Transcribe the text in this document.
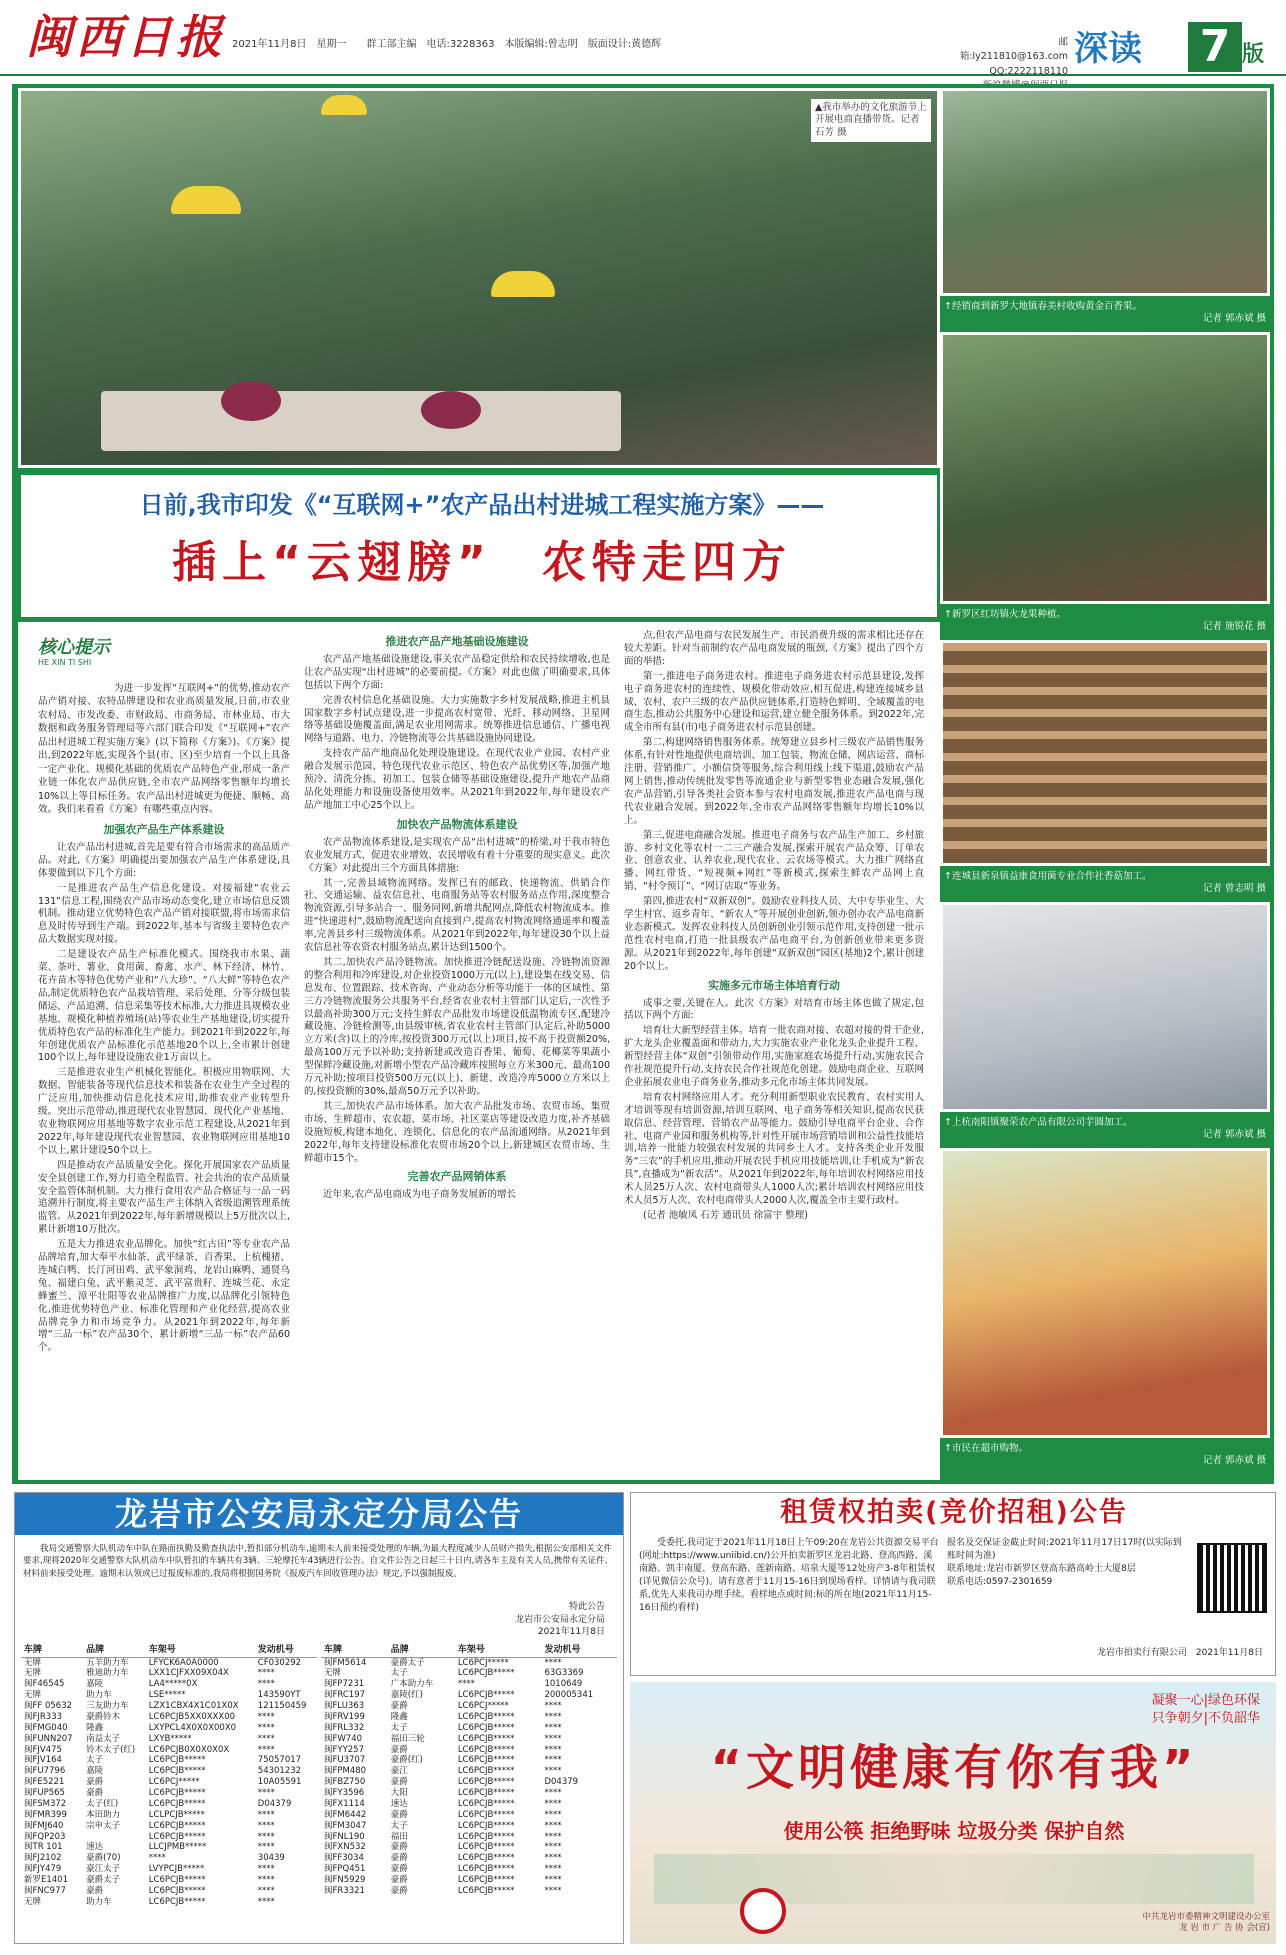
闽西日报 2021年11月8日　星期一　　群工部主编　电话:3228363　本版编辑:曾志明　版面设计:黄德辉	邮箱:ly211810@163.com
QQ:2222118110
深读 7 版
▲我市举办的文化旅游节上开展电商直播带货。记者 石芳 摄
日前,我市印发《“互联网+”农产品出村进城工程实施方案》——
插上“云翅膀”　农特走四方
↑经销商到新罗大地镇春美村收购黄金百香果。
记者 郭赤斌 摄
↑新罗区红坊镇火龙果种植。
记者 施锐花 摄
↑连城县新泉镇益康食用菌专业合作社香菇加工。
记者 曾志明 摄
↑上杭南阳镇聚荣农产品有限公司芋圆加工。
记者 郭赤斌 摄
↑市民在超市购物。
记者 郭赤斌 摄
核心提示
HE XIN TI SHI

为进一步发挥“互联网+”的优势,推动农产品产销对接、农特品牌建设和农业高质量发展,日前,市农业农村局、市发改委、市财政局、市商务局、市林业局、市大数据和政务服务管理局等六部门联合印发《“互联网+”农产品出村进城工程实施方案》(以下简称《方案》)。《方案》提出,到2022年底,实现各个县(市、区)至少培育一个以上具备一定产业化、规模化基础的优质农产品特色产业,形成一条产业链一体化农产品供应链,全市农产品网络零售额年均增长10%以上等目标任务。农产品出村进城更为便捷、顺畅、高效。我们来看看《方案》有哪些重点内容。

加强农产品生产体系建设

让农产品出村进城,首先是要有符合市场需求的高品质产品。对此,《方案》明确提出要加强农产品生产体系建设,具体要做到以下几个方面:

一是推进农产品生产信息化建设。对接福建“农业云131”信息工程,围绕农产品市场动态变化,建立市场信息反馈机制。推动建立优势特色农产品产销对接联盟,将市场需求信息及时传导到生产端。到2022年,基本与省级主要特色农产品大数据实现对接。

二是建设农产品生产标准化模式。围绕我市水果、蔬菜、茶叶、薯业、食用菌、畜禽、水产、林下经济、林竹、花卉苗木等特色优势产业和“八大珍”、“八大鲜”等特色农产品,制定优质特色农产品栽培管理、采后处理、分等分级包装储运、产品追溯、信息采集等技术标准,大力推进具规模农业基地、规模化种植养殖场(站)等农业生产基地建设,切实提升优质特色农产品的标准化生产能力。到2021年到2022年,每年创建优质农产品标准化示范基地20个以上,全市累计创建100个以上,每年建设设施农业1万亩以上。

三是推进农业生产机械化智能化。积极应用物联网、大数据、智能装备等现代信息技术和装备在农业生产全过程的广泛应用,加快推动信息化技术应用,助推农业产业转型升级。突出示范带动,推进现代农业智慧园、现代化产业基地、农业物联网应用基地等数字农业示范工程建设,从2021年到2022年,每年建设现代农业智慧园、农业物联网应用基地10个以上,累计建设50个以上。

四是推动农产品质量安全化。探化开展国家农产品质量安全县创建工作,努力打造全程监管、社会共治的农产品质量安全监管体制机制。大力推行食用农产品合格证与一品一码追溯并行制度,将主要农产品生产主体纳入省级追溯管理系统监管。从2021年到2022年,每年新增规模以上5万批次以上,累计新增10万批次。

五是大力推进农业品牌化。加快“红古田”等专业农产品品牌培育,加大奉平水仙茶、武平绿茶、百香果、上杭槐猪、连城白鸭、长汀河田鸡、武平象洞鸡、龙岩山麻鸭、通贤乌兔、福建白兔、武平紫灵芝、武平富贵籽、连城兰花、永定蜂蜜兰、漳平壮阳等农业品牌推广力度,以品牌化引领特色化,推进优势特色产业、标准化管理和产业化经营,提高农业品牌竞争力和市场竞争力。从2021年到2022年,每年新增“三品一标”农产品30个、累计新增“三品一标”农产品60个。

推进农产品产地基础设施建设

农产品产地基础设施建设,事关农产品稳定供给和农民持续增收,也是让农产品实现“出村进城”的必要前提。《方案》对此也做了明确要求,具体包括以下两个方面:

完善农村信息化基础设施。大力实施数字乡村发展战略,推进主机县国家数字乡村试点建设,进一步提高农村宽带、光纤、移动网络、卫星网络等基础设施覆盖面,满足农业用网需求。统筹推进信息通信、广播电视网络与道路、电力、冷链物流等公共基础设施协同建设。

支持农产品产地商品化处理设施建设。在现代农业产业园、农村产业融合发展示范园、特色现代农业示范区、特色农产品优势区等,加强产地预冷、清洗分拣、初加工、包装仓储等基础设施建设,提升产地农产品商品化处理能力和设施设备使用效率。从2021年到2022年,每年建设农产品产地加工中心25个以上。

加快农产品物流体系建设

农产品物流体系建设,是实现农产品“出村进城”的桥梁,对于我市特色农业发展方式、促进农业增效、农民增收有着十分重要的现实意义。此次《方案》对此提出三个方面具体措施:

其一,完善县域物流网络。发挥已有的邮政、快递物流、供销合作社、交通运输、益农信息社、电商服务站等农村服务站点作用,深度整合物流资源,引导多站合一、服务同网,新增共配网点,降低农村物流成本。推进“快递进村”,鼓励物流配送向直接到户,提高农村物流网络通遥率和覆盖率,完善县乡村三级物流体系。从2021年到2022年,每年建设30个以上益农信息社等农资农村服务站点,累计达到1500个。

其二,加快农产品冷链物流。加快推进冷链配送设施、冷链物流资源的整合利用和冷库建设,对企业投资1000万元(以上),建设集在线交易、信息发布、位置跟踪、技术咨询、产业动态分析等功能于一体的区域性、第三方冷链物流服务公共服务平台,经省农业农村主管部门认定后,一次性予以最高补助300万元;支持生鲜农产品批发市场建设低温物流专区,配建冷藏设施、冷链检测等,由县级审核,省农业农村主管部门认定后,补助5000立方米(含)以上的冷库,按投资300万元(以上)项目,按不高于投资额20%,最高100万元予以补助;支持新建或改造百香果、葡萄、花椰菜等果蔬小型保鲜冷藏设施,对新增小型农产品冷藏库按照每立方米300元、最高100万元补助;按项目投资500万元(以上)、新建、改造冷库5000立方米以上的,按投资额的30%,最高50万元予以补助。

其三,加快农产品市场体系。加大农产品批发市场、农贸市场、集贸市场、生鲜超市、农农超、菜市场、社区菜店等建设改造力度,补齐基础设施短板,构建本地化、连锁化、信息化的农产品流通网络。从2021年到2022年,每年支持建设标准化农贸市场20个以上,新建城区农贸市场、生鲜超市15个。

完善农产品网销体系

近年来,农产品电商成为电子商务发展新的增长

点,但农产品电商与农民发展生产、市民消费升级的需求相比还存在较大差距。针对当前制约农产品电商发展的瓶颈,《方案》提出了四个方面的举措:

第一,推进电子商务进农村。推进电子商务进农村示范县建设,发挥电子商务进农村的连续性、规模化带动效应,相互促进,构建连接城乡县域、农村、农户三级的农产品供应链体系,打造特色鲜明、全域覆盖的电商生态,推动公共服务中心建设和运营,建立健全服务体系。到2022年,完成全市所有县(市)电子商务进农村示范县创建。

第二,构建网络销售服务体系。统筹建立县乡村三级农产品销售服务体系,有针对性地提供电商培训、加工包装、物流仓储、网店运营、商标注册、营销推广、小额信贷等服务,综合利用线上线下渠道,鼓励农产品网上销售,推动传统批发零售等流通企业与新型零售业态融合发展,强化农产品营销,引导各类社会资本参与农村电商发展,推进农产品电商与现代农业融合发展。到2022年,全市农产品网络零售额年均增长10%以上。

第三,促进电商融合发展。推进电子商务与农产品生产加工、乡村旅游、乡村文化等农村一二三产融合发展,探索开展农产品众筹、订单农业、创意农业、认养农业,现代农业、云农场等模式。大力推广网络直播、网红带货、“短视频+网红”等新模式,探索生鲜农产品网上直销、“村令预订”、“网订店取”等业务。

第四,推进农村“双新双创”。鼓励农业科技人员、大中专毕业生、大学生村官、返乡青年、“新农人”等开展创业创新,领办创办农产品电商新业态新模式。发挥农业科技人员创新创业引领示范作用,支持创建一批示范性农村电商,打造一批县级农产品电商平台,为创新创业带来更多资源。从2021年到2022年,每年创建“双新双创”园区(基地)2个,累计创建20个以上。

实施多元市场主体培育行动

成事之要,关键在人。此次《方案》对培育市场主体也做了规定,包括以下两个方面:

培育壮大新型经营主体。培育一批农商对接、农超对接的骨干企业,扩大龙头企业覆盖面和带动力,大力实施农业产业化龙头企业提升工程、新型经营主体“双创”引领带动作用,实施家庭农场提升行动,实施农民合作社规范提升行动,支持农民合作社规范化创建。鼓励电商企业、互联网企业拓展农业电子商务业务,推动多元化市场主体共同发展。

培育农村网络应用人才。充分利用新型职业农民教育、农村实用人才培训等现有培训资源,培训互联网、电子商务等相关知识,提高农民获取信息、经营管理、营销农产品等能力。鼓励引导电商平台企业、合作社、电商产业园和服务机构等,针对性开展市场营销培训和公益性技能培训,培养一批能力较强农村发展的共同乡土人才。支持各类企业开发服务“三农”的手机应用,推动开展农民手机应用技能培训,让手机成为“新农具”,直播成为“新农活”。从2021年到2022年,每年培训农村网络应用技术人员25万人次、农村电商带头人1000人次;累计培训农村网络应用技术人员5万人次、农村电商带头人2000人次,覆盖全市主要行政村。

(记者 池敏凤 石芳 通讯员 徐富宇 整理)

龙岩市公安局永定分局公告

我局交通警察大队机动车中队在路面执勤及勤查执法中,暂扣部分机动车,逾期未人前来接受处理的车辆,为最大程度减少人员财产损失,根据公安部相关文件要求,现将2020年交通警察大队机动车中队暂扣的车辆共有3辆、三轮摩托车43辆进行公告。自文件公告之日起三十日内,请各车主及有关人员,携带有关证件、材料前来接受处理。逾期未认领或已过报废标准的,我局将根据国务院《报废汽车回收管理办法》规定,予以强制报废。

特此公告
龙岩市公安局永定分局
2021年11月8日
车牌	品牌	车架号	发动机号
无牌	五羊助力车	LFYCK6A0A0000	CF030292
无牌	雅迪助力车	LXX1CJFXX09X04X	****
闽F46545	嘉陵	LA4*****0X	****
无牌	助力车	LSE*****	143590YT
闽FF 05632	三友助力车	LZX1CBX4X1C01X0X	121150459
闽FJR333	豪爵铃木	LC6PCJB5XX0XXX00	****
闽FMG040	隆鑫	LXYPCL4X0X0X00X0	****
闽FUNN207	南益太子	LXYB*****	****
闽FJV475	铃木太子(红)	LC6PCJB0X0X0X0X	****
闽FJV164	太子	LC6PCJB*****	75057017
闽FU7796	嘉陵	LC6PCJB*****	54301232
闽FE5221	豪爵	LC6PCJ*****	10A05591
闽FUP565	豪爵	LC6PCJB*****	****
闽FSM372	太子(红)	LC6PCJB*****	D04379
闽FMR399	本田助力	LCLPCJB*****	****
闽FMJ640	宗申太子	LC6PCJB*****	****
闽FQP203		LC6PCJB*****	****
闽TR 101	速达	LLCJPMB*****	****
闽FJ2102	豪爵(70)	****	30439
闽FJY479	豪江太子	LVYPCJB*****	****
新罗E1401	豪爵太子	LC6PCJB*****	****
闽FNC977	豪爵	LC6PCJB*****	****
无牌	助力车	LC6PCJB*****	****
车牌	品牌	车架号	发动机号
闽FM5614	豪爵太子	LC6PCJ*****	****
无牌	太子	LC6PCJB*****	63G3369
闽FP7231	广本助力车	****	1010649
闽FRC197	嘉陵(红)	LC6PCJB*****	200005341
闽FLU363	豪爵	LC6PCJ*****	****
闽FRV199	隆鑫	LC6PCJB*****	****
闽FRL332	太子	LC6PCJB*****	****
闽FW740	福田三轮	LC6PCJB*****	****
闽FYY257	豪爵	LC6PCJB*****	****
闽FU3707	豪爵(红)	LC6PCJB*****	****
闽FPM480	豪江	LC6PCJB*****	****
闽FBZ750	豪爵	LC6PCJB*****	D04379
闽FY3596	大阳	LC6PCJB*****	****
闽FX1114	速达	LC6PCJB*****	****
闽FM6442	豪爵	LC6PCJB*****	****
闽FM3047	太子	LC6PCJB*****	****
闽FNL190	福田	LC6PCJB*****	****
闽FXN532	豪爵	LC6PCJB*****	****
闽FF3034	豪爵	LC6PCJB*****	****
闽FPQ451	豪爵	LC6PCJB*****	****
闽FN5929	豪爵	LC6PCJB*****	****
闽FR3321	豪爵	LC6PCJB*****	****
租赁权拍卖(竞价招租)公告

受委托,我司定于2021年11月18日上午09:20在龙岩公共资源交易平台(网址:https://www.uniibid.cn/)公开拍卖新罗区龙岩北路、登高西路、溪南路、凯丰南厦、登高东路、莲新南路、培泉大厦等12处房产3-8年租赁权(详见微信公众号)。请有意者于11月15-16日到现场看样。详情请与我司联系,优先人来我司办理手续。看样地点或时间:标的所在地(2021年11月15-16日预约看样)

报名及交保证金截止时间:2021年11月17日17时(以实际到账时间为准)
联系地址:龙岩市新罗区登高东路高岭土大厦8层
联系电话:0597-2301659

龙岩市拍卖行有限公司　 2021年11月8日
凝聚一心|绿色环保
只争朝夕|不负韶华
“文明健康有你有我”
使用公筷 拒绝野味 垃圾分类 保护自然
中共龙岩市委精神文明建设办公室
龙 岩 市 广 告 协 会(宣)
